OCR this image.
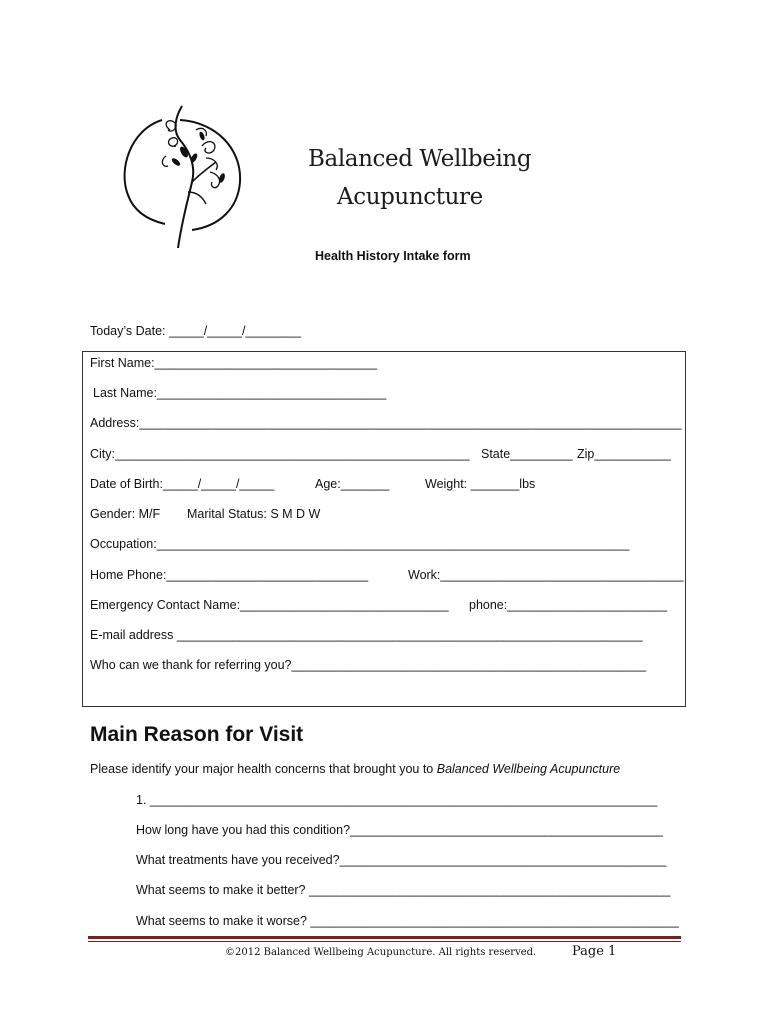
Balanced Wellbeing
Acupuncture
Health History Intake form
Today’s Date: _____/_____/________
First Name:________________________________
Last Name:_________________________________
Address:______________________________________________________________________________
City:___________________________________________________ State_________ Zip___________
Date of Birth:_____/_____/_____	Age:_______	Weight: _______lbs
Gender: M/F Marital Status: S M D W
Occupation:____________________________________________________________________
Home Phone:_____________________________	Work:___________________________________
Emergency Contact Name:______________________________ phone:_______________________
E-mail address ___________________________________________________________________
Who can we thank for referring you?___________________________________________________
Main Reason for Visit
Please identify your major health concerns that brought you to Balanced Wellbeing Acupuncture
1. _________________________________________________________________________
How long have you had this condition?_____________________________________________
What treatments have you received?_______________________________________________
What seems to make it better? ____________________________________________________
What seems to make it worse? _____________________________________________________
©2012 Balanced Wellbeing Acupuncture. All rights reserved.	Page 1
